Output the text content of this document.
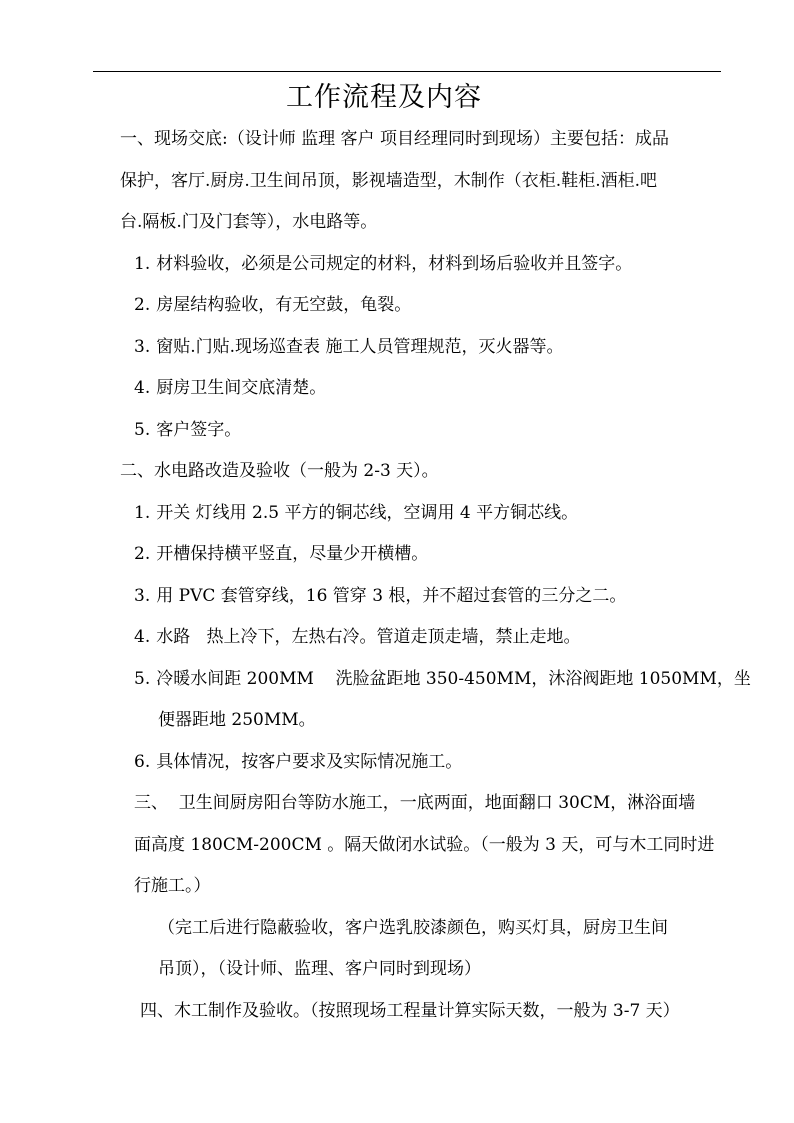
工作流程及内容
一、现场交底:（设计师 监理 客户 项目经理同时到现场）主要包括：成品
保护，客厅.厨房.卫生间吊顶，影视墙造型，木制作（衣柜.鞋柜.酒柜.吧
台.隔板.门及门套等），水电路等。
1. 材料验收，必须是公司规定的材料，材料到场后验收并且签字。
2. 房屋结构验收，有无空鼓，龟裂。
3. 窗贴.门贴.现场巡查表 施工人员管理规范，灭火器等。
4. 厨房卫生间交底清楚。
5. 客户签字。
二、水电路改造及验收（一般为 2-3 天）。
1. 开关 灯线用 2.5 平方的铜芯线，空调用 4 平方铜芯线。
2. 开槽保持横平竖直，尽量少开横槽。
3. 用 PVC 套管穿线，16 管穿 3 根，并不超过套管的三分之二。
4. 水路   热上冷下，左热右冷。管道走顶走墙，禁止走地。
5. 冷暖水间距 200MM    洗脸盆距地 350-450MM，沐浴阀距地 1050MM，坐
便器距地 250MM。
6. 具体情况，按客户要求及实际情况施工。
三、  卫生间厨房阳台等防水施工，一底两面，地面翻口 30CM，淋浴面墙
面高度 180CM-200CM 。隔天做闭水试验。（一般为 3 天，可与木工同时进
行施工。）
（完工后进行隐蔽验收，客户选乳胶漆颜色，购买灯具，厨房卫生间
吊顶），（设计师、监理、客户同时到现场）
四、木工制作及验收。（按照现场工程量计算实际天数，一般为 3-7 天）
